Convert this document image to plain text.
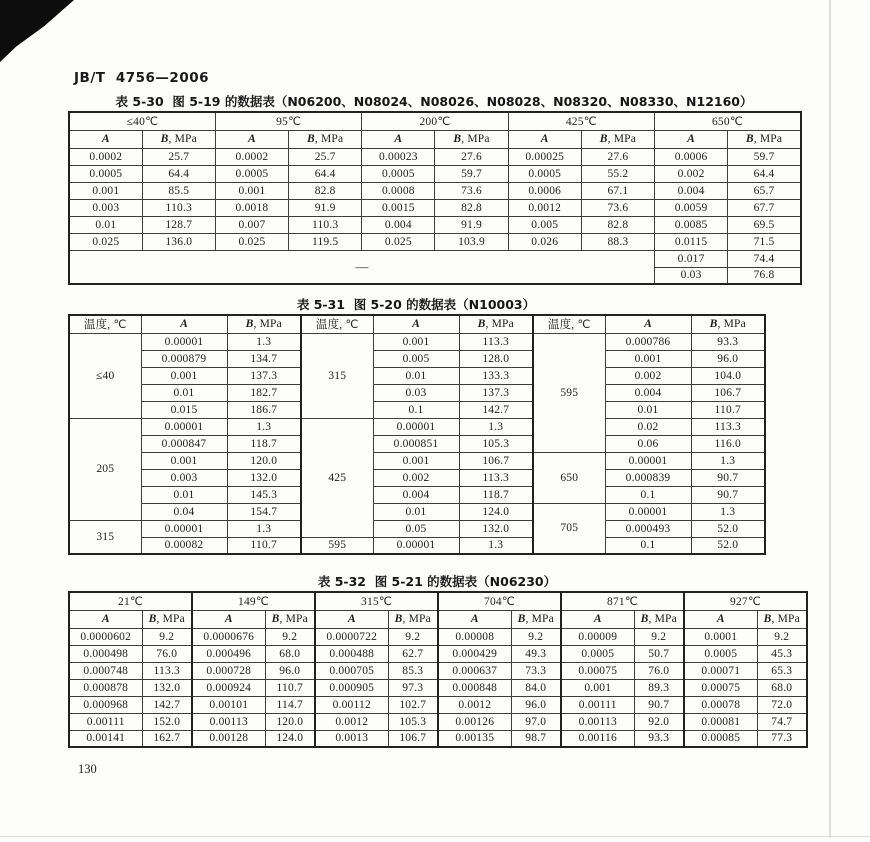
JB/T  4756—2006
表 5-30  图 5-19 的数据表（N06200、N08024、N08026、N08028、N08320、N08330、N12160）
≤40℃		95℃		200℃		425℃		650℃	
A	B, MPa	A	B, MPa	A	B, MPa	A	B, MPa	A	B, MPa
0.0002	25.7	0.0002	25.7	0.00023	27.6	0.00025	27.6	0.0006	59.7
0.0005	64.4	0.0005	64.4	0.0005	59.7	0.0005	55.2	0.002	64.4
0.001	85.5	0.001	82.8	0.0008	73.6	0.0006	67.1	0.004	65.7
0.003	110.3	0.0018	91.9	0.0015	82.8	0.0012	73.6	0.0059	67.7
0.01	128.7	0.007	110.3	0.004	91.9	0.005	82.8	0.0085	69.5
0.025	136.0	0.025	119.5	0.025	103.9	0.026	88.3	0.0115	71.5
—								0.017	74.4
								0.03	76.8
表 5-31  图 5-20 的数据表（N10003）
温度, ℃	A	B, MPa	温度, ℃	A	B, MPa	温度, ℃	A	B, MPa
≤40	0.00001	1.3	315	0.001	113.3	595	0.000786	93.3
	0.000879	134.7		0.005	128.0		0.001	96.0
	0.001	137.3		0.01	133.3		0.002	104.0
	0.01	182.7		0.03	137.3		0.004	106.7
	0.015	186.7		0.1	142.7		0.01	110.7
205	0.00001	1.3	425	0.00001	1.3		0.02	113.3
	0.000847	118.7		0.000851	105.3		0.06	116.0
	0.001	120.0		0.001	106.7	650	0.00001	1.3
	0.003	132.0		0.002	113.3		0.000839	90.7
	0.01	145.3		0.004	118.7		0.1	90.7
	0.04	154.7		0.01	124.0	705	0.00001	1.3
315	0.00001	1.3		0.05	132.0		0.000493	52.0
	0.00082	110.7	595	0.00001	1.3		0.1	52.0
表 5-32  图 5-21 的数据表（N06230）
21℃		149℃		315℃		704℃		871℃		927℃	
A	B, MPa	A	B, MPa	A	B, MPa	A	B, MPa	A	B, MPa	A	B, MPa
0.0000602	9.2	0.0000676	9.2	0.0000722	9.2	0.00008	9.2	0.00009	9.2	0.0001	9.2
0.000498	76.0	0.000496	68.0	0.000488	62.7	0.000429	49.3	0.0005	50.7	0.0005	45.3
0.000748	113.3	0.000728	96.0	0.000705	85.3	0.000637	73.3	0.00075	76.0	0.00071	65.3
0.000878	132.0	0.000924	110.7	0.000905	97.3	0.000848	84.0	0.001	89.3	0.00075	68.0
0.000968	142.7	0.00101	114.7	0.00112	102.7	0.0012	96.0	0.00111	90.7	0.00078	72.0
0.00111	152.0	0.00113	120.0	0.0012	105.3	0.00126	97.0	0.00113	92.0	0.00081	74.7
0.00141	162.7	0.00128	124.0	0.0013	106.7	0.00135	98.7	0.00116	93.3	0.00085	77.3
130
